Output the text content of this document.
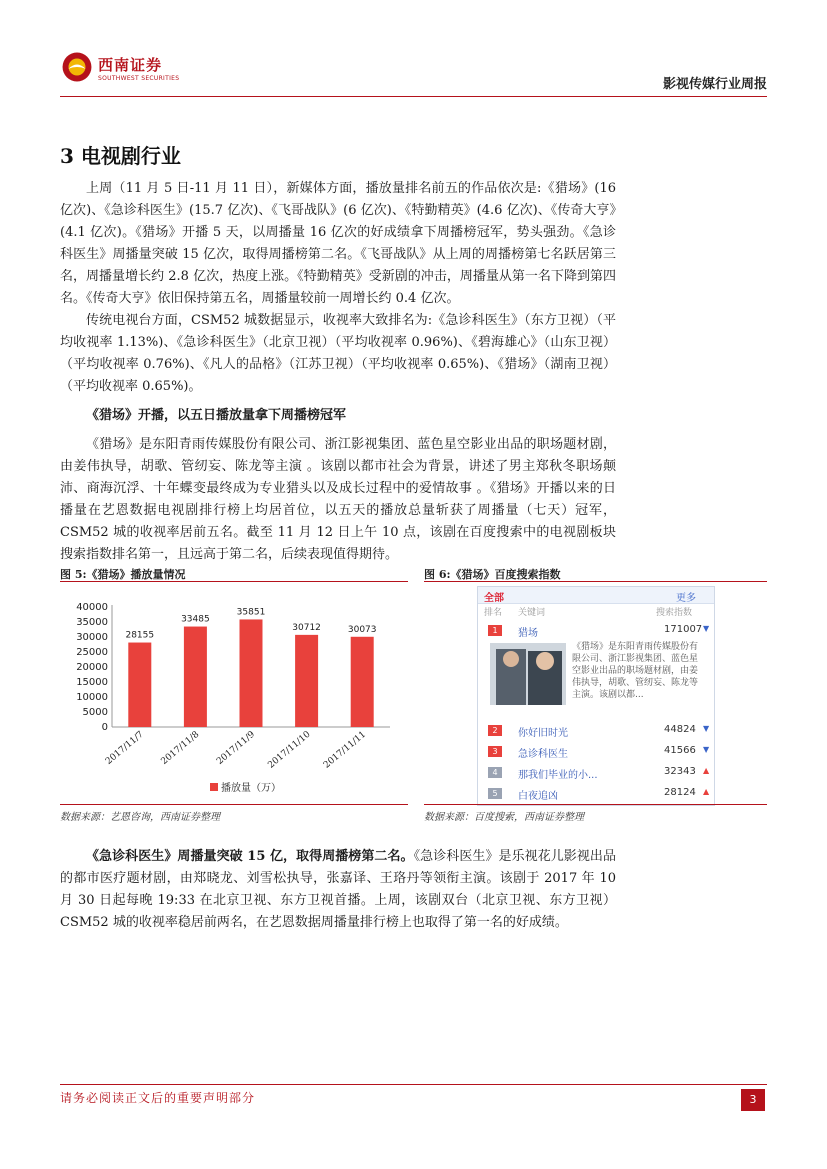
西南证券
SOUTHWEST SECURITIES	影视传媒行业周报
3 电视剧行业
上周（11 月 5 日-11 月 11 日），新媒体方面，播放量排名前五的作品依次是:《猎场》(16 亿次)、《急诊科医生》(15.7 亿次)、《飞哥战队》(6 亿次)、《特勤精英》(4.6 亿次)、《传奇大亨》(4.1 亿次)。《猎场》开播 5 天，以周播量 16 亿次的好成绩拿下周播榜冠军，势头强劲。《急诊科医生》周播量突破 15 亿次，取得周播榜第二名。《飞哥战队》从上周的周播榜第七名跃居第三名，周播量增长约 2.8 亿次，热度上涨。《特勤精英》受新剧的冲击，周播量从第一名下降到第四名。《传奇大亨》依旧保持第五名，周播量较前一周增长约 0.4 亿次。
传统电视台方面，CSM52 城数据显示，收视率大致排名为:《急诊科医生》（东方卫视）（平均收视率 1.13%)、《急诊科医生》（北京卫视）（平均收视率 0.96%)、《碧海雄心》（山东卫视）（平均收视率 0.76%)、《凡人的品格》（江苏卫视）（平均收视率 0.65%)、《猎场》（湖南卫视）（平均收视率 0.65%)。
《猎场》开播，以五日播放量拿下周播榜冠军
《猎场》是东阳青雨传媒股份有限公司、浙江影视集团、蓝色星空影业出品的职场题材剧，由姜伟执导，胡歌、管纫妄、陈龙等主演 。该剧以都市社会为背景，讲述了男主郑秋冬职场颠沛、商海沉浮、十年蝶变最终成为专业猎头以及成长过程中的爱情故事 。《猎场》开播以来的日播量在艺恩数据电视剧排行榜上均居首位，以五天的播放总量斩获了周播量（七天）冠军，CSM52 城的收视率居前五名。截至 11 月 12 日上午 10 点，该剧在百度搜索中的电视剧板块搜索指数排名第一，且远高于第二名，后续表现值得期待。
图 5:《猎场》播放量情况
0
5000
10000
15000
20000
25000
30000
35000
40000
28155
2017/11/7
33485
2017/11/8
35851
2017/11/9
30712
2017/11/10
30073
2017/11/11
播放量（万）
数据来源：艺恩咨询，西南证券整理
图 6:《猎场》百度搜索指数
全部	更多
排名 关键词	搜索指数
1	猎场	171007 ▼
《猎场》是东阳青雨传媒股份有限公司、浙江影视集团、蓝色星空影业出品的职场题材剧，由姜伟执导，胡歌、管纫妄、陈龙等主演。该剧以都...
2	你好旧时光	44824 ▼
3	急诊科医生	41566 ▼
4	那我们毕业的小...	32343 ▲
5	白夜追凶	28124 ▲
数据来源：百度搜索，西南证券整理
《急诊科医生》周播量突破 15 亿，取得周播榜第二名。《急诊科医生》是乐视花儿影视出品的都市医疗题材剧，由郑晓龙、刘雪松执导，张嘉译、王珞丹等领衔主演。该剧于 2017 年 10 月 30 日起每晚 19:33 在北京卫视、东方卫视首播。上周，该剧双台（北京卫视、东方卫视）CSM52 城的收视率稳居前两名，在艺恩数据周播量排行榜上也取得了第一名的好成绩。
请务必阅读正文后的重要声明部分	3
